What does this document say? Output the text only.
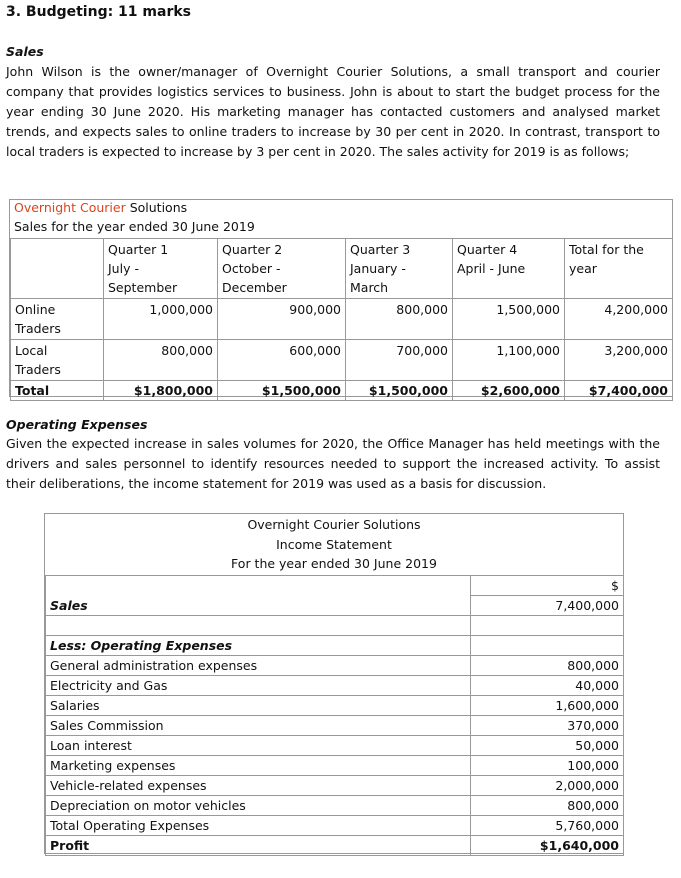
3. Budgeting: 11 marks
Sales
John Wilson is the owner/manager of Overnight Courier Solutions, a small transport and courier company that provides logistics services to business. John is about to start the budget process for the year ending 30 June 2020. His marketing manager has contacted customers and analysed market trends, and expects sales to online traders to increase by 30 per cent in 2020. In contrast, transport to local traders is expected to increase by 3 per cent in 2020. The sales activity for 2019 is as follows;
Overnight Courier Solutions
Sales for the year ended 30 June 2019
	Quarter 1
July -
September	Quarter 2
October -
December	Quarter 3
January -
March	Quarter 4
April - June	Total for the
year
Online
Traders	1,000,000	900,000	800,000	1,500,000	4,200,000
Local
Traders	800,000	600,000	700,000	1,100,000	3,200,000
Total	$1,800,000	$1,500,000	$1,500,000	$2,600,000	$7,400,000
Operating Expenses
Given the expected increase in sales volumes for 2020, the Office Manager has held meetings with the drivers and sales personnel to identify resources needed to support the increased activity. To assist their deliberations, the income statement for 2019 was used as a basis for discussion.
Overnight Courier Solutions
Income Statement
For the year ended 30 June 2019
Sales	$
	7,400,000

Less: Operating Expenses	
General administration expenses	800,000
Electricity and Gas	40,000
Salaries	1,600,000
Sales Commission	370,000
Loan interest	50,000
Marketing expenses	100,000
Vehicle-related expenses	2,000,000
Depreciation on motor vehicles	800,000
Total Operating Expenses	5,760,000
Profit	$1,640,000
